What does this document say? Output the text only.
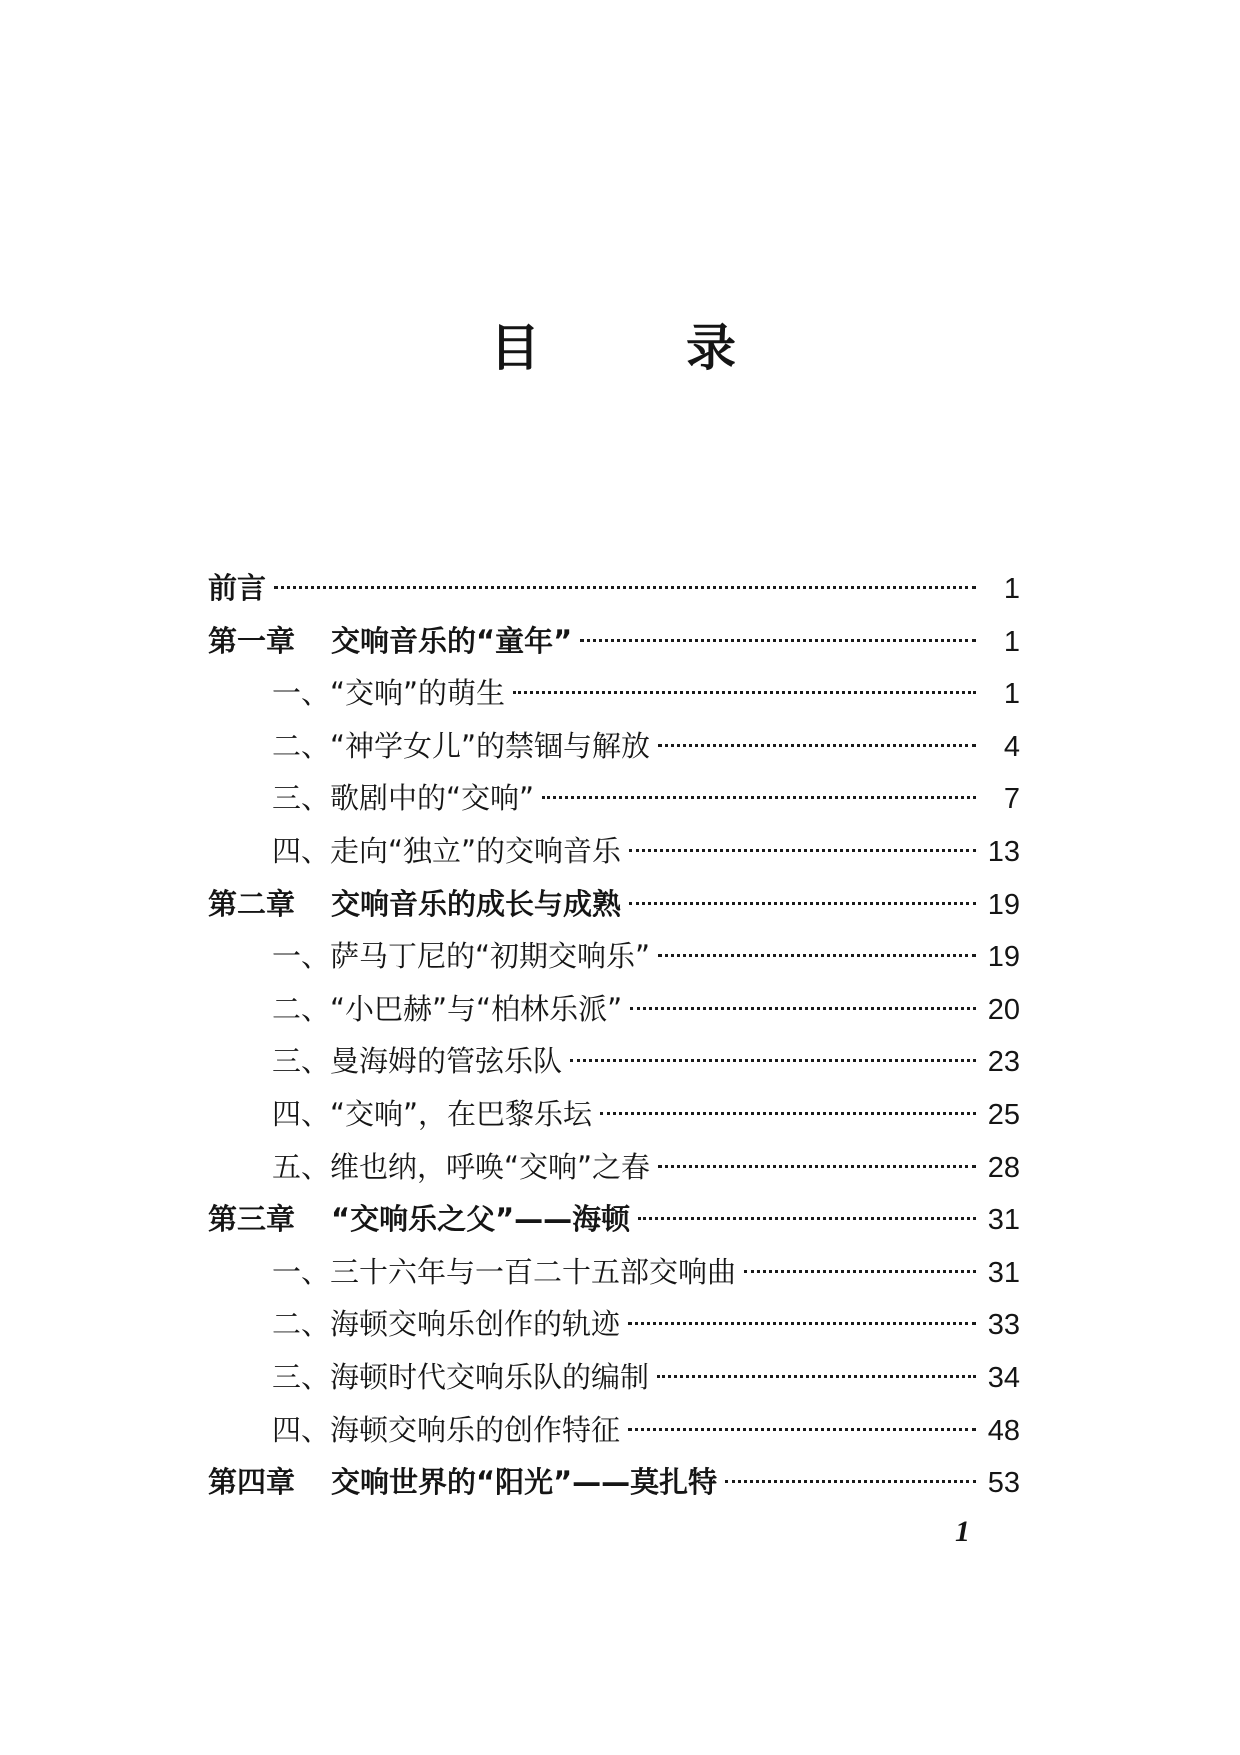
目	录
前言	1
第一章 交响音乐的“童年”	1
一、“交响”的萌生	1
二、“神学女儿”的禁锢与解放	4
三、歌剧中的“交响”	7
四、走向“独立”的交响音乐	13
第二章 交响音乐的成长与成熟	19
一、萨马丁尼的“初期交响乐”	19
二、“小巴赫”与“柏林乐派”	20
三、曼海姆的管弦乐队	23
四、“交响”，在巴黎乐坛	25
五、维也纳，呼唤“交响”之春	28
第三章 “交响乐之父”——海顿	31
一、三十六年与一百二十五部交响曲	31
二、海顿交响乐创作的轨迹	33
三、海顿时代交响乐队的编制	34
四、海顿交响乐的创作特征	48
第四章 交响世界的“阳光”——莫扎特	53
1
